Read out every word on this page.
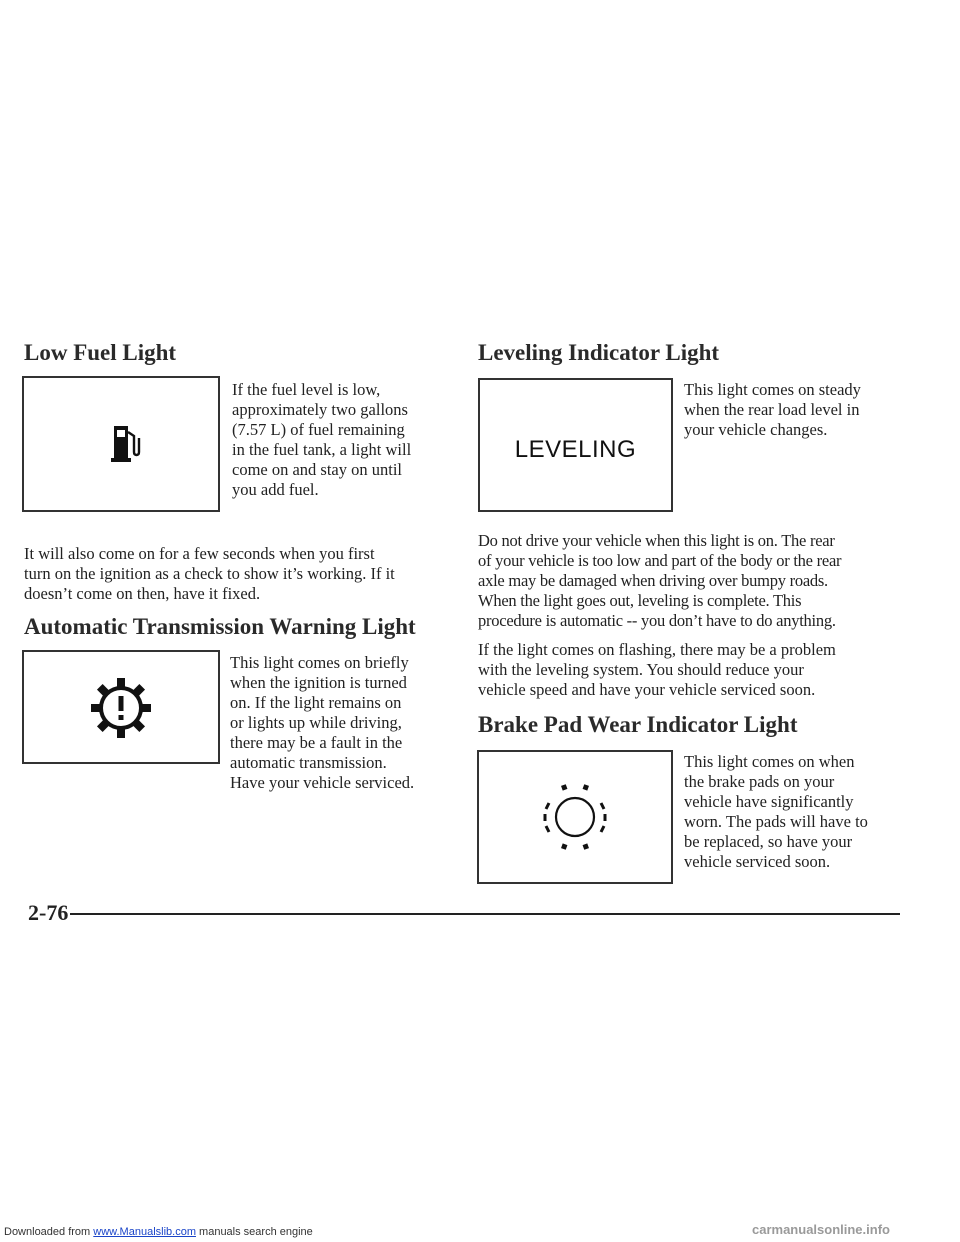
Low Fuel Light
If the fuel level is low,
approximately two gallons
(7.57 L) of fuel remaining
in the fuel tank, a light will
come on and stay on until
you add fuel.
It will also come on for a few seconds when you first
turn on the ignition as a check to show it’s working. If it
doesn’t come on then, have it fixed.
Automatic Transmission Warning Light
This light comes on briefly
when the ignition is turned
on. If the light remains on
or lights up while driving,
there may be a fault in the
automatic transmission.
Have your vehicle serviced.
Leveling Indicator Light
LEVELING
This light comes on steady
when the rear load level in
your vehicle changes.
Do not drive your vehicle when this light is on. The rear
of your vehicle is too low and part of the body or the rear
axle may be damaged when driving over bumpy roads.
When the light goes out, leveling is complete. This
procedure is automatic -- you don’t have to do anything.
If the light comes on flashing, there may be a problem
with the leveling system. You should reduce your
vehicle speed and have your vehicle serviced soon.
Brake Pad Wear Indicator Light
This light comes on when
the brake pads on your
vehicle have significantly
worn. The pads will have to
be replaced, so have your
vehicle serviced soon.
2-76
Downloaded from www.Manualslib.com manuals search engine	carmanualsonline.info
